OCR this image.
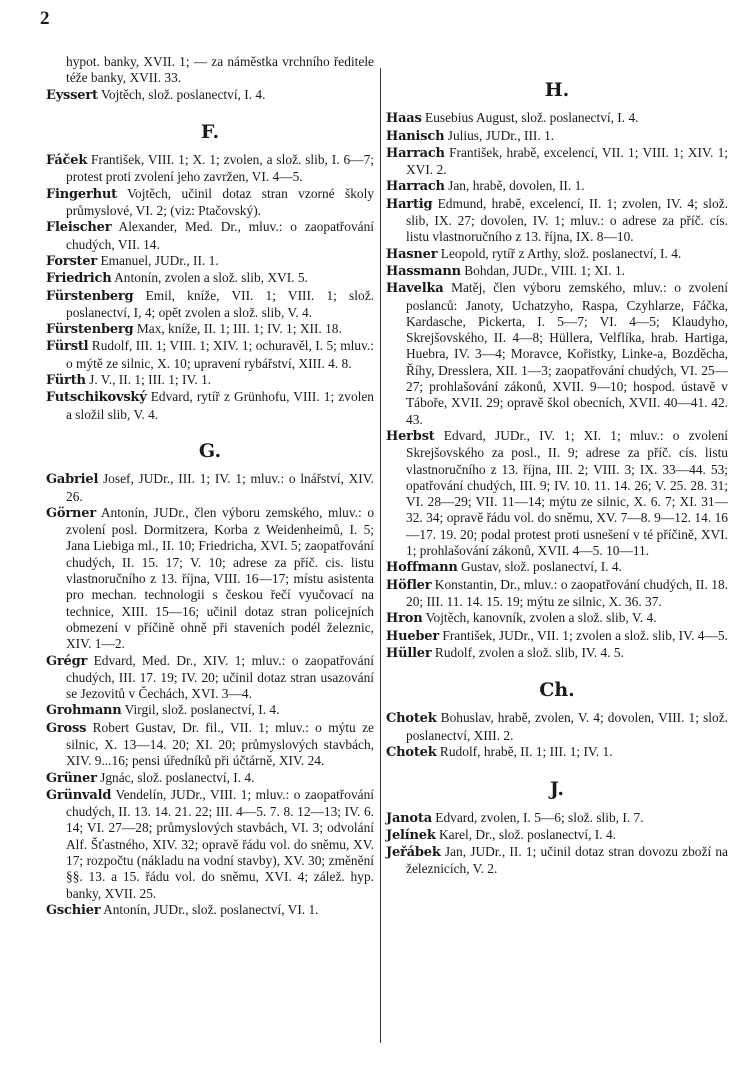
2

hypot. banky, XVII. 1; — za náměstka vrchního ředitele téže banky, XVII. 33.

Eyssert Vojtěch, slož. poslanectví, I. 4.

F.

Fáček František, VIII. 1; X. 1; zvolen, a slož. slib, I. 6—7; protest proti zvolení jeho zavržen, VI. 4—5.

Fingerhut Vojtěch, učinil dotaz stran vzorné školy průmyslové, VI. 2; (viz: Ptačovský).

Fleischer Alexander, Med. Dr., mluv.: o zaopatřování chudých, VII. 14.

Forster Emanuel, JUDr., II. 1.

Friedrich Antonín, zvolen a slož. slib, XVI. 5.

Fürstenberg Emil, kníže, VII. 1; VIII. 1; slož. poslanectví, I, 4; opět zvolen a slož. slib, V. 4.

Fürstenberg Max, kníže, II. 1; III. 1; IV. 1; XII. 18.

Fürstl Rudolf, III. 1; VIII. 1; XIV. 1; ochuravěl, I. 5; mluv.: o mýtě ze silnic, X. 10; upravení rybářství, XIII. 4. 8.

Fürth J. V., II. 1; III. 1; IV. 1.

Futschikovský Edvard, rytíř z Grünhofu, VIII. 1; zvolen a složil slib, V. 4.

G.

Gabriel Josef, JUDr., III. 1; IV. 1; mluv.: o lnářství, XIV. 26.

Görner Antonín, JUDr., člen výboru zemského, mluv.: o zvolení posl. Dormitzera, Korba z Weidenheimů, I. 5; Jana Liebiga ml., II. 10; Friedricha, XVI. 5; zaopatřování chudých, II. 15. 17; V. 10; adrese za příč. cis. listu vlastnoručního z 13. října, VIII. 16—17; místu asistenta pro mechan. technologii s českou řečí vyučovací na technice, XIII. 15—16; učinil dotaz stran policejních obmezení v příčině ohně při staveních podél železnic, XIV. 1—2.

Grégr Edvard, Med. Dr., XIV. 1; mluv.: o zaopatřování chudých, III. 17. 19; IV. 20; učinil dotaz stran usazování se Jezovitů v Čechách, XVI. 3—4.

Grohmann Virgil, slož. poslanectví, I. 4.

Gross Robert Gustav, Dr. fil., VII. 1; mluv.: o mýtu ze silnic, X. 13—14. 20; XI. 20; průmyslových stavbách, XIV. 9...16; pensi úředníků při účtárně, XIV. 24.

Grüner Jgnác, slož. poslanectví, I. 4.

Grünvald Vendelín, JUDr., VIII. 1; mluv.: o zaopatřování chudých, II. 13. 14. 21. 22; III. 4—5. 7. 8. 12—13; IV. 6. 14; VI. 27—28; průmyslových stavbách, VI. 3; odvolání Alf. Šťastného, XIV. 32; opravě řádu vol. do sněmu, XV. 17; rozpočtu (nákladu na vodní stavby), XV. 30; změnění §§. 13. a 15. řádu vol. do sněmu, XVI. 4; zálež. hyp. banky, XVII. 25.

Gschier Antonín, JUDr., slož. poslanectví, VI. 1.

H.

Haas Eusebius August, slož. poslanectví, I. 4.

Hanisch Julius, JUDr., III. 1.

Harrach František, hrabě, excelencí, VII. 1; VIII. 1; XIV. 1; XVI. 2.

Harrach Jan, hrabě, dovolen, II. 1.

Hartig Edmund, hrabě, excelencí, II. 1; zvolen, IV. 4; slož. slib, IX. 27; dovolen, IV. 1; mluv.: o adrese za příč. cís. listu vlastnoručního z 13. října, IX. 8—10.

Hasner Leopold, rytíř z Arthy, slož. poslanectví, I. 4.

Hassmann Bohdan, JUDr., VIII. 1; XI. 1.

Havelka Matěj, člen výboru zemského, mluv.: o zvolení poslanců: Janoty, Uchatzyho, Raspa, Czyhlarze, Fáčka, Kardasche, Pickerta, I. 5—7; VI. 4—5; Klaudyho, Skrejšovského, II. 4—8; Hüllera, Velflíka, hrab. Hartiga, Huebra, IV. 3—4; Moravce, Kořistky, Linke-a, Bozděcha, Říhy, Dresslera, XII. 1—3; zaopatřování chudých, VI. 25—27; prohlašování zákonů, XVII. 9—10; hospod. ústavě v Táboře, XVII. 29; opravě škol obecních, XVII. 40—41. 42. 43.

Herbst Edvard, JUDr., IV. 1; XI. 1; mluv.: o zvolení Skrejšovského za posl., II. 9; adrese za příč. cís. listu vlastnoručního z 13. října, III. 2; VIII. 3; IX. 33—44. 53; opatřování chudých, III. 9; IV. 10. 11. 14. 26; V. 25. 28. 31; VI. 28—29; VII. 11—14; mýtu ze silnic, X. 6. 7; XI. 31—32. 34; opravě řádu vol. do sněmu, XV. 7—8. 9—12. 14. 16—17. 19. 20; podal protest proti usnešení v té příčině, XVI. 1; prohlašování zákonů, XVII. 4—5. 10—11.

Hoffmann Gustav, slož. poslanectví, I. 4.

Höfler Konstantin, Dr., mluv.: o zaopatřování chudých, II. 18. 20; III. 11. 14. 15. 19; mýtu ze silnic, X. 36. 37.

Hron Vojtěch, kanovník, zvolen a slož. slib, V. 4.

Hueber František, JUDr., VII. 1; zvolen a slož. slib, IV. 4—5.

Hüller Rudolf, zvolen a slož. slib, IV. 4. 5.

Ch.

Chotek Bohuslav, hrabě, zvolen, V. 4; dovolen, VIII. 1; slož. poslanectví, XIII. 2.

Chotek Rudolf, hrabě, II. 1; III. 1; IV. 1.

J.

Janota Edvard, zvolen, I. 5—6; slož. slib, I. 7.

Jelínek Karel, Dr., slož. poslanectví, I. 4.

Jeřábek Jan, JUDr., II. 1; učinil dotaz stran dovozu zboží na železnicích, V. 2.
